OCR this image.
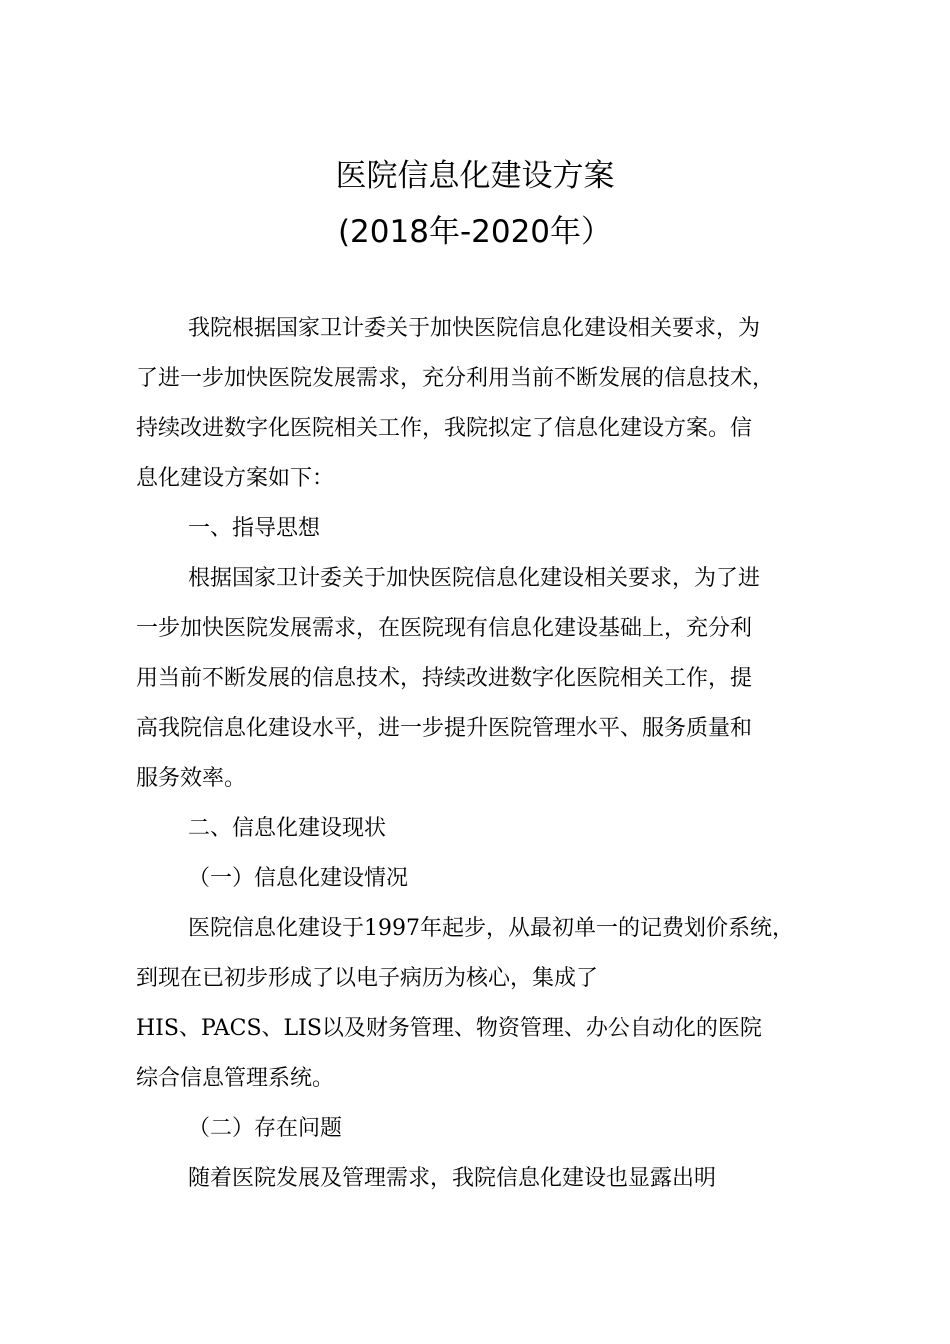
医院信息化建设方案
(2018年-2020年）
我院根据国家卫计委关于加快医院信息化建设相关要求，为
了进一步加快医院发展需求，充分利用当前不断发展的信息技术，
持续改进数字化医院相关工作，我院拟定了信息化建设方案。信
息化建设方案如下：
一、指导思想
根据国家卫计委关于加快医院信息化建设相关要求，为了进
一步加快医院发展需求，在医院现有信息化建设基础上，充分利
用当前不断发展的信息技术，持续改进数字化医院相关工作，提
高我院信息化建设水平，进一步提升医院管理水平、服务质量和
服务效率。
二、信息化建设现状
（一）信息化建设情况
医院信息化建设于1997年起步，从最初单一的记费划价系统，
到现在已初步形成了以电子病历为核心，集成了
HIS、PACS、LIS以及财务管理、物资管理、办公自动化的医院
综合信息管理系统。
（二）存在问题
随着医院发展及管理需求，我院信息化建设也显露出明
